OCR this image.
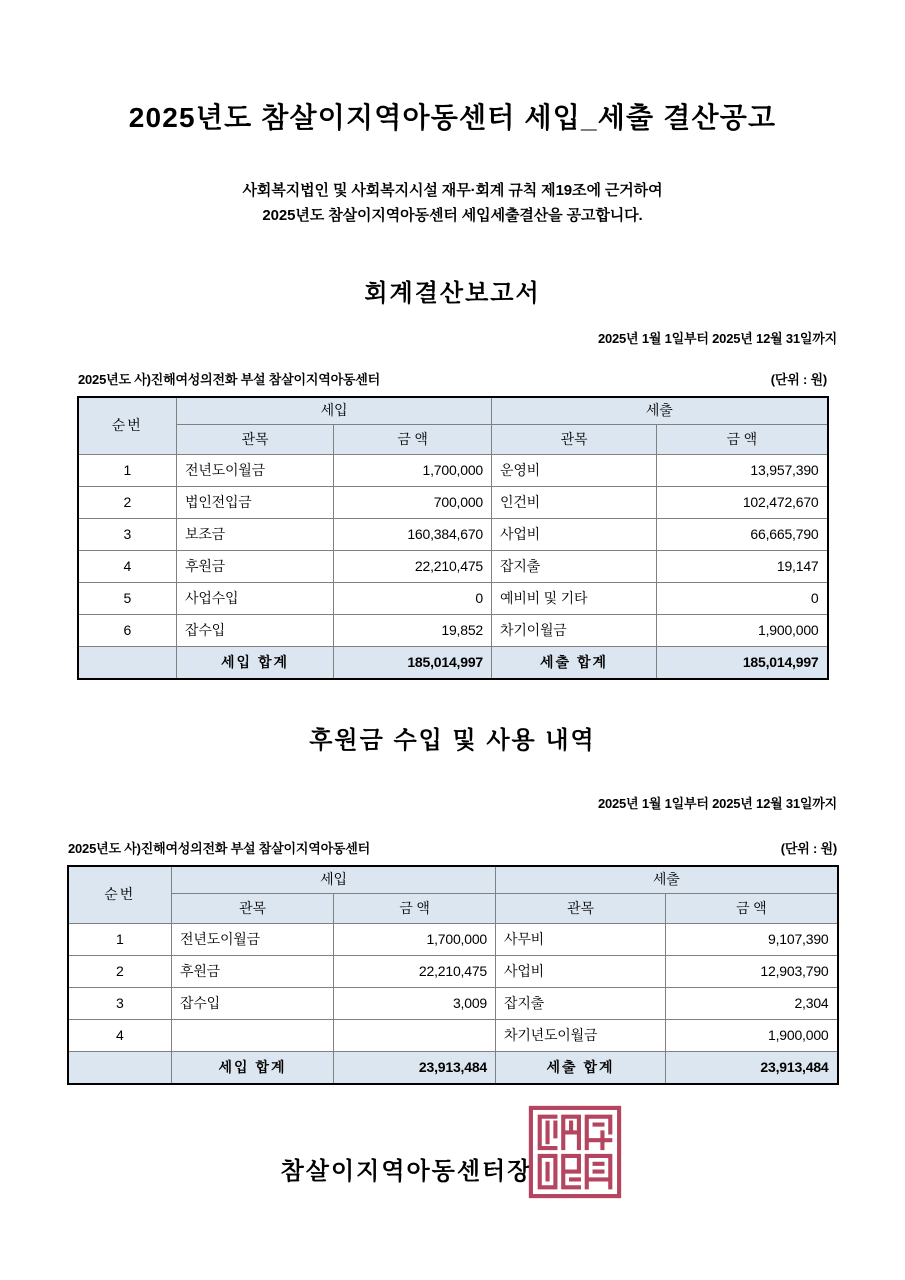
2025년도 참살이지역아동센터 세입_세출 결산공고
사회복지법인 및 사회복지시설 재무·회계 규칙 제19조에 근거하여
2025년도 참살이지역아동센터 세입세출결산을 공고합니다.
회계결산보고서
2025년 1월 1일부터 2025년 12월 31일까지
2025년도 사)진해여성의전화 부설 참살이지역아동센터	(단위 : 원)
순번	세입		세출	
	관목	금 액	관목	금 액
1	전년도이월금	1,700,000	운영비	13,957,390
2	법인전입금	700,000	인건비	102,472,670
3	보조금	160,384,670	사업비	66,665,790
4	후원금	22,210,475	잡지출	19,147
5	사업수입	0	예비비 및 기타	0
6	잡수입	19,852	차기이월금	1,900,000
	세입 합계	185,014,997	세출 합계	185,014,997
후원금 수입 및 사용 내역
2025년 1월 1일부터 2025년 12월 31일까지
2025년도 사)진해여성의전화 부설 참살이지역아동센터	(단위 : 원)
순번	세입		세출	
	관목	금 액	관목	금 액
1	전년도이월금	1,700,000	사무비	9,107,390
2	후원금	22,210,475	사업비	12,903,790
3	잡수입	3,009	잡지출	2,304
4			차기년도이월금	1,900,000
	세입 합계	23,913,484	세출 합계	23,913,484
참살이지역아동센터장
